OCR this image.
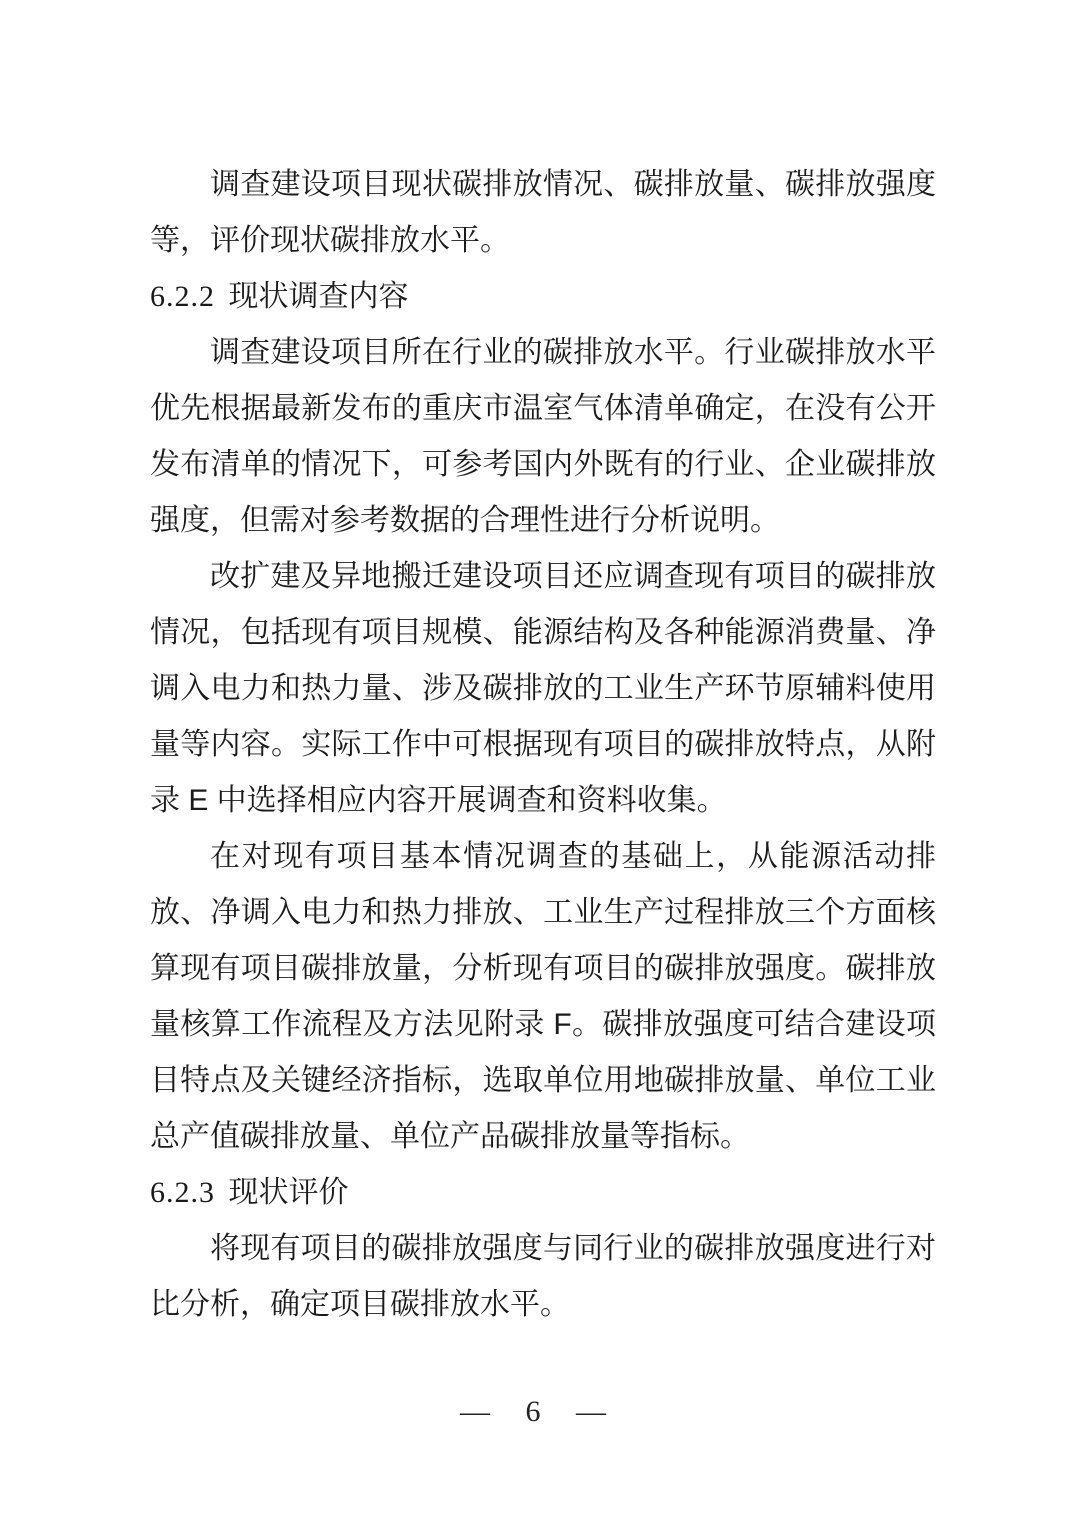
调查建设项目现状碳排放情况、碳排放量、碳排放强度等，评价现状碳排放水平。

6.2.2 现状调查内容

调查建设项目所在行业的碳排放水平。行业碳排放水平优先根据最新发布的重庆市温室气体清单确定，在没有公开发布清单的情况下，可参考国内外既有的行业、企业碳排放强度，但需对参考数据的合理性进行分析说明。

改扩建及异地搬迁建设项目还应调查现有项目的碳排放情况，包括现有项目规模、能源结构及各种能源消费量、净调入电力和热力量、涉及碳排放的工业生产环节原辅料使用量等内容。实际工作中可根据现有项目的碳排放特点，从附录 E 中选择相应内容开展调查和资料收集。

在对现有项目基本情况调查的基础上，从能源活动排放、净调入电力和热力排放、工业生产过程排放三个方面核算现有项目碳排放量，分析现有项目的碳排放强度。碳排放量核算工作流程及方法见附录 F。碳排放强度可结合建设项目特点及关键经济指标，选取单位用地碳排放量、单位工业总产值碳排放量、单位产品碳排放量等指标。

6.2.3 现状评价

将现有项目的碳排放强度与同行业的碳排放强度进行对比分析，确定项目碳排放水平。

— 6 —
